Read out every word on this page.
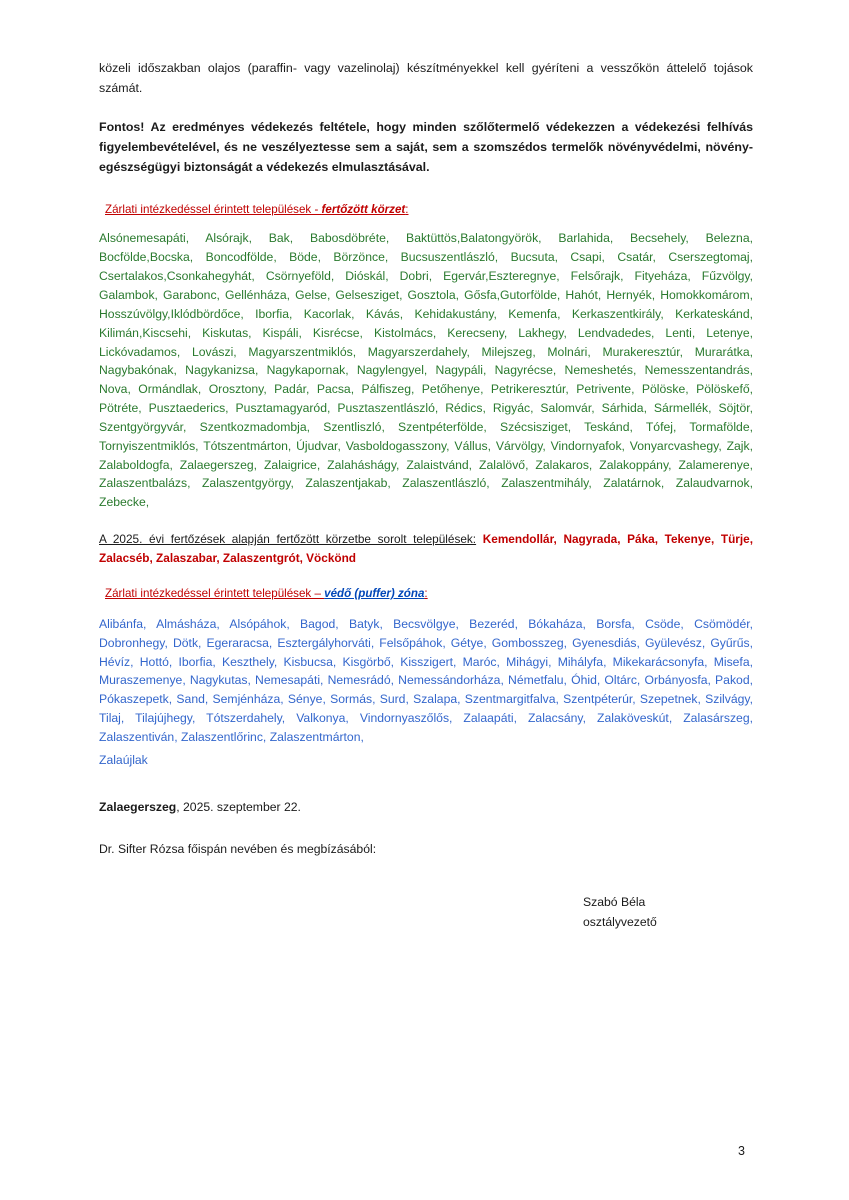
közeli időszakban olajos (paraffin- vagy vazelinolaj) készítményekkel kell gyéríteni a vesszőkön áttelelő tojások számát.

Fontos! Az eredményes védekezés feltétele, hogy minden szőlőtermelő védekezzen a védekezési felhívás figyelembevételével, és ne veszélyeztesse sem a saját, sem a szomszédos termelők növényvédelmi, növény-egészségügyi biztonságát a védekezés elmulasztásával.

Zárlati intézkedéssel érintett települések - fertőzött körzet:

Alsónemesapáti, Alsórajk, Bak, Babosdöbréte, Baktüttös,Balatongyörök, Barlahida, Becsehely, Belezna, Bocfölde,Bocska, Boncodfölde, Böde, Börzönce, Bucsuszentlászló, Bucsuta, Csapi, Csatár, Cserszegtomaj, Csertalakos,Csonkahegyhát, Csörnyeföld, Dióskál, Dobri, Egervár,Eszteregnye, Felsőrajk, Fityeháza, Fűzvölgy, Galambok, Garabonc, Gellénháza, Gelse, Gelsesziget, Gosztola, Gősfa,Gutorfölde, Hahót, Hernyék, Homokkomárom, Hosszúvölgy,Iklódbördőce, Iborfia, Kacorlak, Kávás, Kehidakustány, Kemenfa, Kerkaszentkirály, Kerkateskánd, Kilimán,Kiscsehi, Kiskutas, Kispáli, Kisrécse, Kistolmács, Kerecseny, Lakhegy, Lendvadedes, Lenti, Letenye, Lickóvadamos, Lovászi, Magyarszentmiklós, Magyarszerdahely, Milejszeg, Molnári, Murakeresztúr, Murarátka, Nagybakónak, Nagykanizsa, Nagykapornak, Nagylengyel, Nagypáli, Nagyrécse, Nemeshetés, Nemesszentandrás, Nova, Ormándlak, Orosztony, Padár, Pacsa, Pálfiszeg, Petőhenye, Petrikeresztúr, Petrivente, Pölöske, Pölöskefő, Pötréte, Pusztaederics, Pusztamagyaród, Pusztaszentlászló, Rédics, Rigyác, Salomvár, Sárhida, Sármellék, Söjtör, Szentgyörgyvár, Szentkozmadombja, Szentliszló, Szentpéterfölde, Szécsisziget, Teskánd, Tófej, Tormafölde, Tornyiszentmiklós, Tótszentmárton, Újudvar, Vasboldogasszony, Vállus, Várvölgy, Vindornyafok, Vonyarcvashegy, Zajk, Zalaboldogfa, Zalaegerszeg, Zalaigrice, Zalaháshágy, Zalaistvánd, Zalalövő, Zalakaros, Zalakoppány, Zalamerenye, Zalaszentbalázs, Zalaszentgyörgy, Zalaszentjakab, Zalaszentlászló, Zalaszentmihály, Zalatárnok, Zalaudvarnok, Zebecke,

A 2025. évi fertőzések alapján fertőzött körzetbe sorolt települések: Kemendollár, Nagyrada, Páka, Tekenye, Türje, Zalacséb, Zalaszabar, Zalaszentgrót, Vöckönd

Zárlati intézkedéssel érintett települések – védő (puffer) zóna:

Alibánfa, Almásháza, Alsópáhok, Bagod, Batyk, Becsvölgye, Bezeréd, Bókaháza, Borsfa, Csöde, Csömödér, Dobronhegy, Dötk, Egeraracsa, Esztergályhorváti, Felsőpáhok, Gétye, Gombosszeg, Gyenesdiás, Gyülevész, Gyűrűs, Hévíz, Hottó, Iborfia, Keszthely, Kisbucsa, Kisgörbő, Kisszigert, Maróc, Mihágyi, Mihályfa, Mikekarácsonyfa, Misefa, Muraszemenye, Nagykutas, Nemesapáti, Nemesrádó, Nemessándorháza, Németfalu, Óhid, Oltárc, Orbányosfa, Pakod, Pókaszepetk, Sand, Semjénháza, Sénye, Sormás, Surd, Szalapa, Szentmargitfalva, Szentpéterúr, Szepetnek, Szilvágy, Tilaj, Tilajújhegy, Tótszerdahely, Valkonya, Vindornyaszőlős, Zalaapáti, Zalacsány, Zalaköveskút, Zalasárszeg, Zalaszentiván, Zalaszentlőrinc, Zalaszentmárton,

Zalaújlak

Zalaegerszeg, 2025. szeptember 22.

Dr. Sifter Rózsa főispán nevében és megbízásából:

Szabó Béla
osztályvezető
3
